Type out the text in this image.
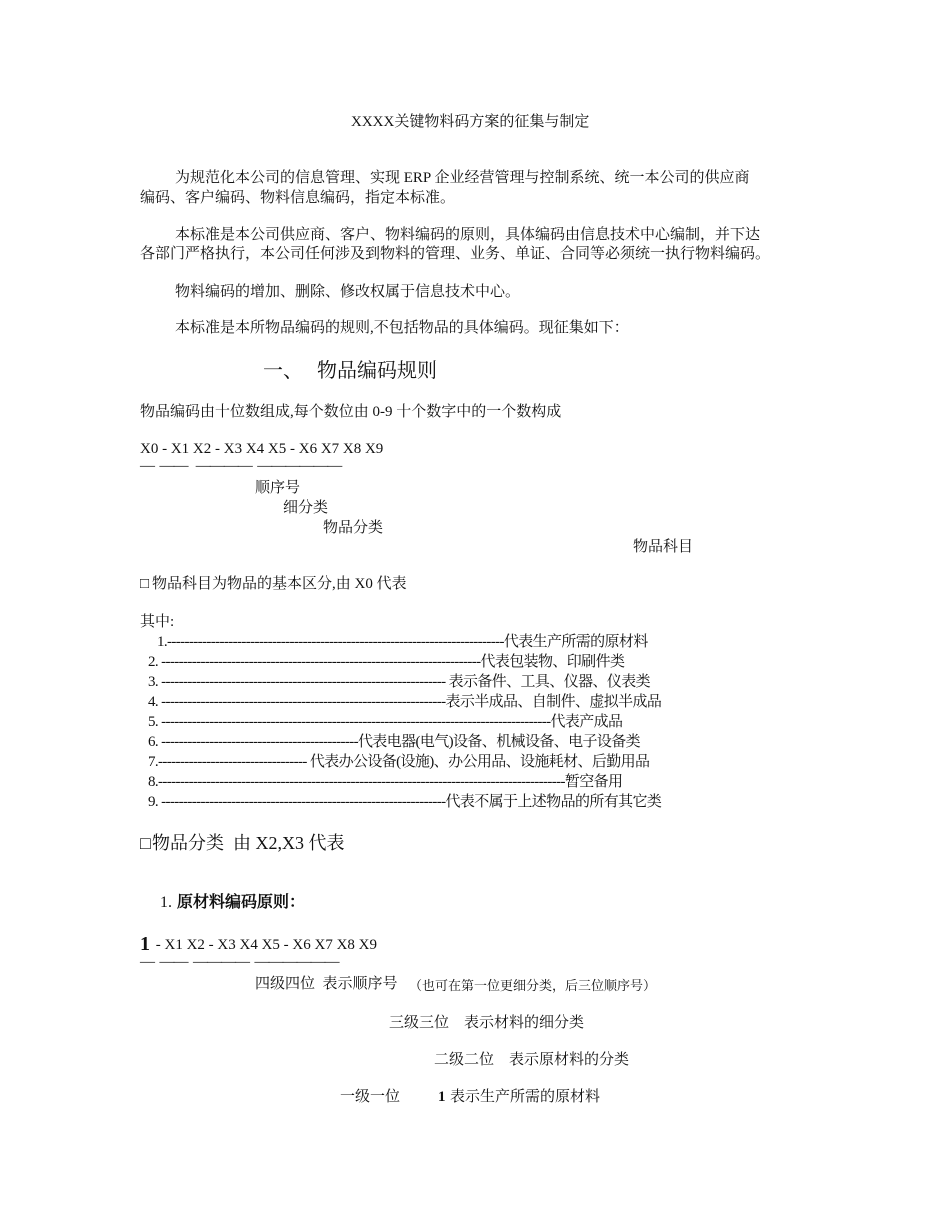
XXXX关键物料码方案的征集与制定
为规范化本公司的信息管理、实现 ERP 企业经营管理与控制系统、统一本公司的供应商
编码、客户编码、物料信息编码，指定本标准。
本标准是本公司供应商、客户、物料编码的原则，具体编码由信息技术中心编制，并下达
各部门严格执行，本公司任何涉及到物料的管理、业务、单证、合同等必须统一执行物料编码。
物料编码的增加、删除、修改权属于信息技术中心。
本标准是本所物品编码的规则,不包括物品的具体编码。现征集如下：
一、 物品编码规则
物品编码由十位数组成,每个数位由 0-9 十个数字中的一个数构成
X0 - X1 X2 - X3 X4 X5 - X6 X7 X8 X9
—  ——   ————  ——————
顺序号
细分类
物品分类
物品科目
□ 物品科目为物品的基本区分,由 X0 代表
其中:
1.-----------------------------------------------------------------------------代表生产所需的原材料
2. -------------------------------------------------------------------------代表包装物、印刷件类
3. ----------------------------------------------------------------- 表示备件、工具、仪器、仪表类
4. -----------------------------------------------------------------表示半成品、自制件、虚拟半成品
5. -----------------------------------------------------------------------------------------代表产成品
6. ---------------------------------------------代表电器(电气)设备、机械设备、电子设备类
7.---------------------------------- 代表办公设备(设施)、办公用品、设施耗材、后勤用品
8.---------------------------------------------------------------------------------------------暂空备用
9. -----------------------------------------------------------------代表不属于上述物品的所有其它类
□ 物品分类  由 X2,X3 代表
1. 原材料编码原则：
1 - X1 X2 - X3 X4 X5 - X6 X7 X8 X9
—  ——  ————  ——————
四级四位  表示顺序号 （也可在第一位更细分类，后三位顺序号）
三级三位    表示材料的细分类
二级二位    表示原材料的分类
一级一位	1 表示生产所需的原材料
